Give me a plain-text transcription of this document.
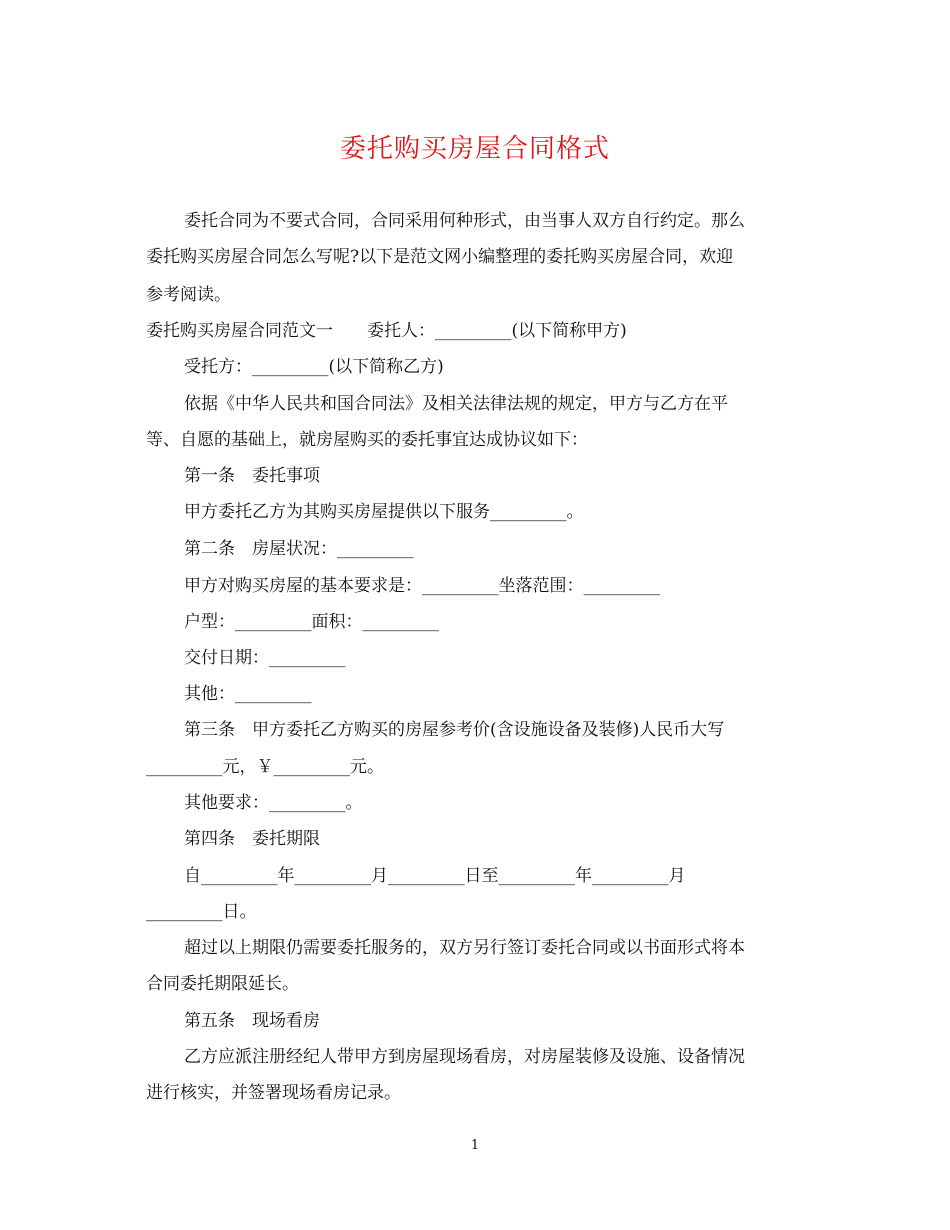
委托购买房屋合同格式
委托合同为不要式合同，合同采用何种形式，由当事人双方自行约定。那么
委托购买房屋合同怎么写呢?以下是范文网小编整理的委托购买房屋合同，欢迎
参考阅读。
委托购买房屋合同范文一　　委托人：_________(以下简称甲方)
受托方：_________(以下简称乙方)
依据《中华人民共和国合同法》及相关法律法规的规定，甲方与乙方在平
等、自愿的基础上，就房屋购买的委托事宜达成协议如下：
第一条　委托事项
甲方委托乙方为其购买房屋提供以下服务_________。
第二条　房屋状况：_________
甲方对购买房屋的基本要求是：_________坐落范围：_________
户型：_________面积：_________
交付日期：_________
其他：_________
第三条　甲方委托乙方购买的房屋参考价(含设施设备及装修)人民币大写
_________元，￥_________元。
其他要求：_________。
第四条　委托期限
自_________年_________月_________日至_________年_________月
_________日。
超过以上期限仍需要委托服务的，双方另行签订委托合同或以书面形式将本
合同委托期限延长。
第五条　现场看房
乙方应派注册经纪人带甲方到房屋现场看房，对房屋装修及设施、设备情况
进行核实，并签署现场看房记录。
1
